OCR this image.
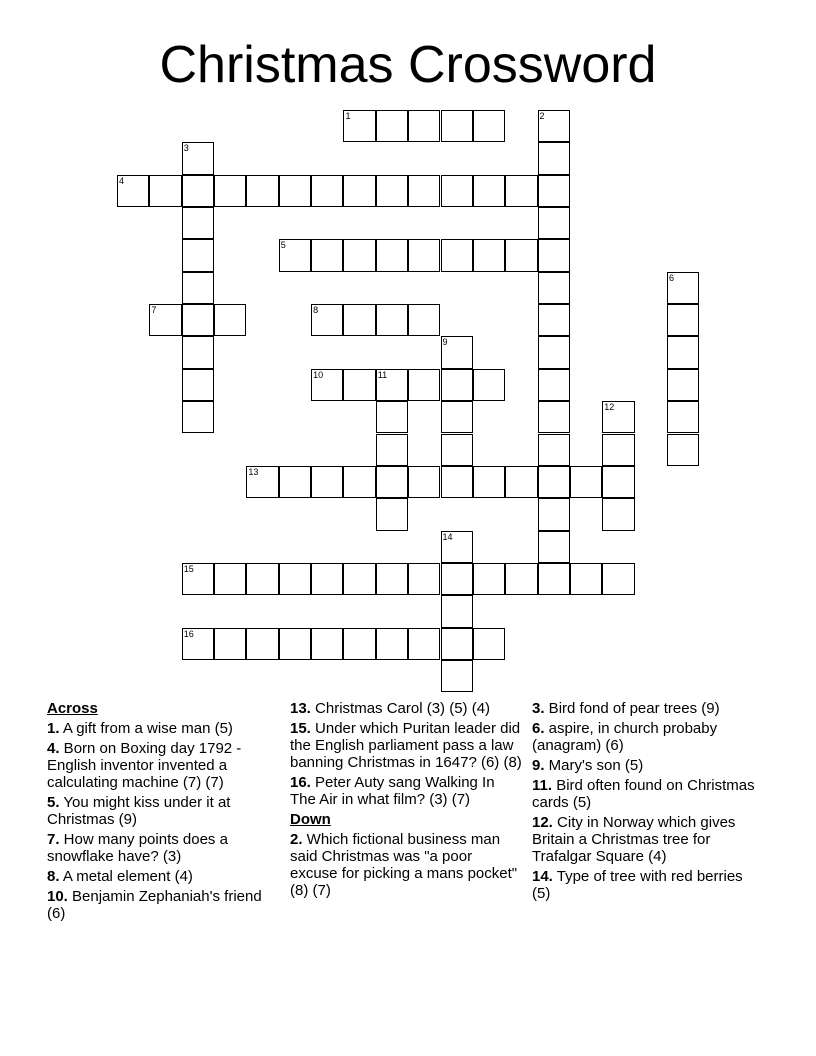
Christmas Crossword
1	2
3
4
5
6
7	8
9
10	11
12
13
14
15
16
Across
1. A gift from a wise man (5)
4. Born on Boxing day 1792 - English inventor invented a calculating machine (7) (7)
5. You might kiss under it at Christmas (9)
7. How many points does a snowflake have? (3)
8. A metal element (4)
10. Benjamin Zephaniah's friend (6)
13. Christmas Carol (3) (5) (4)
15. Under which Puritan leader did the English parliament pass a law banning Christmas in 1647? (6) (8)
16. Peter Auty sang Walking In The Air in what film? (3) (7)
Down
2. Which fictional business man said Christmas was "a poor excuse for picking a mans pocket"(8) (7)
3. Bird fond of pear trees (9)
6. aspire, in church probaby (anagram) (6)
9. Mary's son (5)
11. Bird often found on Christmas cards (5)
12. City in Norway which gives Britain a Christmas tree for Trafalgar Square (4)
14. Type of tree with red berries (5)
